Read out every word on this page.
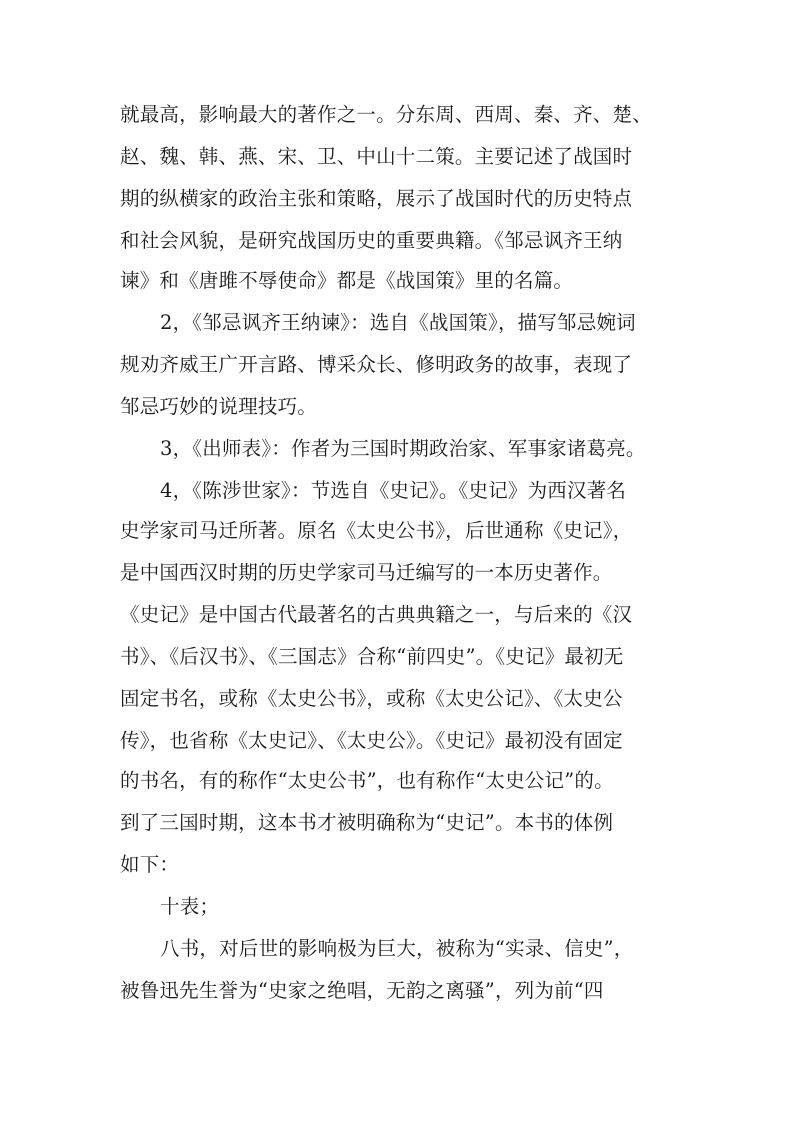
就最高，影响最大的著作之一。分东周、西周、秦、齐、楚、
赵、魏、韩、燕、宋、卫、中山十二策。主要记述了战国时
期的纵横家的政治主张和策略，展示了战国时代的历史特点
和社会风貌，是研究战国历史的重要典籍。《邹忌讽齐王纳
谏》和《唐雎不辱使命》都是《战国策》里的名篇。
2，《邹忌讽齐王纳谏》：选自《战国策》，描写邹忌婉词
规劝齐威王广开言路、博采众长、修明政务的故事，表现了
邹忌巧妙的说理技巧。
3，《出师表》：作者为三国时期政治家、军事家诸葛亮。
4，《陈涉世家》：节选自《史记》。《史记》为西汉著名
史学家司马迁所著。原名《太史公书》，后世通称《史记》，
是中国西汉时期的历史学家司马迁编写的一本历史著作。
《史记》是中国古代最著名的古典典籍之一，与后来的《汉
书》、《后汉书》、《三国志》合称“前四史”。《史记》最初无
固定书名，或称《太史公书》，或称《太史公记》、《太史公
传》，也省称《太史记》、《太史公》。《史记》最初没有固定
的书名，有的称作“太史公书”，也有称作“太史公记”的。
到了三国时期，这本书才被明确称为“史记”。本书的体例
如下：
十表；
八书，对后世的影响极为巨大，被称为“实录、信史”，
被鲁迅先生誉为“史家之绝唱，无韵之离骚”，列为前“四
